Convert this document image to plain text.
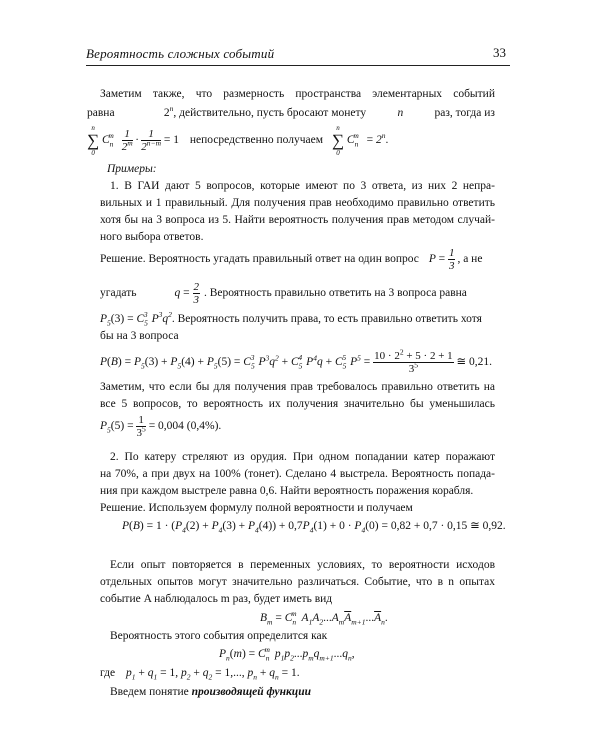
Вероятность сложных событий	33
Заметим также, что размерность пространства элементарных событий
равна	2$^n$, действительно, пусть бросают монету	n	раз, тогда из
n
∑
0 $C_n^m \frac{1}{2^m} \cdot \frac{1}{2^{n-m}} = 1$ непосредственно получаем n
∑
0 $C_n^m = 2^n$.
Примеры:
1. В ГАИ дают 5 вопросов, которые имеют по 3 ответа, из них 2 непра-
вильных и 1 правильный. Для получения прав необходимо правильно ответить
хотя бы на 3 вопроса из 5. Найти вероятность получения прав методом случай-
ного выбора ответов.
Решение. Вероятность угадать правильный ответ на один вопрос $P = \frac{1}{3}$ , а не
угадать	$q = \frac{2}{3}$ . Вероятность правильно ответить на 3 вопроса равна
$P_5(3) = C_5^3$ $P^3q^2$. Вероятность получить права, то есть правильно ответить хотя
бы на 3 вопроса
$P(B) = P_5(3) + P_5(4) + P_5(5) = C_5^3$ $P^3q^2 + C_5^4$ $P^4q + C_5^5$ $P^5 = \frac{10 \cdot 2^2 + 5 \cdot 2 + 1}{3^5}$ ≅ 0,21.
Заметим, что если бы для получения прав требовалось правильно ответить на
все 5 вопросов, то вероятность их получения значительно бы уменьшилась
$P_5(5) = \frac{1}{3^5} = 0,004$ (0,4%).
2. По катеру стреляют из орудия. При одном попадании катер поражают
на 70%, а при двух на 100% (тонет). Сделано 4 выстрела. Вероятность попада-
ния при каждом выстреле равна 0,6. Найти вероятность поражения корабля.
Решение. Используем формулу полной вероятности и получаем
$P(B) = 1 \cdot (P_4(2) + P_4(3) + P_4(4)) + 0,7P_4(1) + 0 \cdot P_4(0) = 0,82 + 0,7 \cdot 0,15$ ≅ 0,92.
Если опыт повторяется в переменных условиях, то вероятности исходов
отдельных опытов могут значительно различаться. Событие, что в n опытах
событие A наблюдалось m раз, будет иметь вид
$B_m = C_n^m$ $A_1A_2...A_m\overline{A}_{m+1}...\overline{A}_n$.
Вероятность этого события определится как
$P_n(m) = C_n^m$ $p_1p_2...p_mq_{m+1}...q_n$,
где $p_1 + q_1 = 1$, $p_2 + q_2 = 1$,..., $p_n + q_n = 1$.
Введем понятие производящей функции
